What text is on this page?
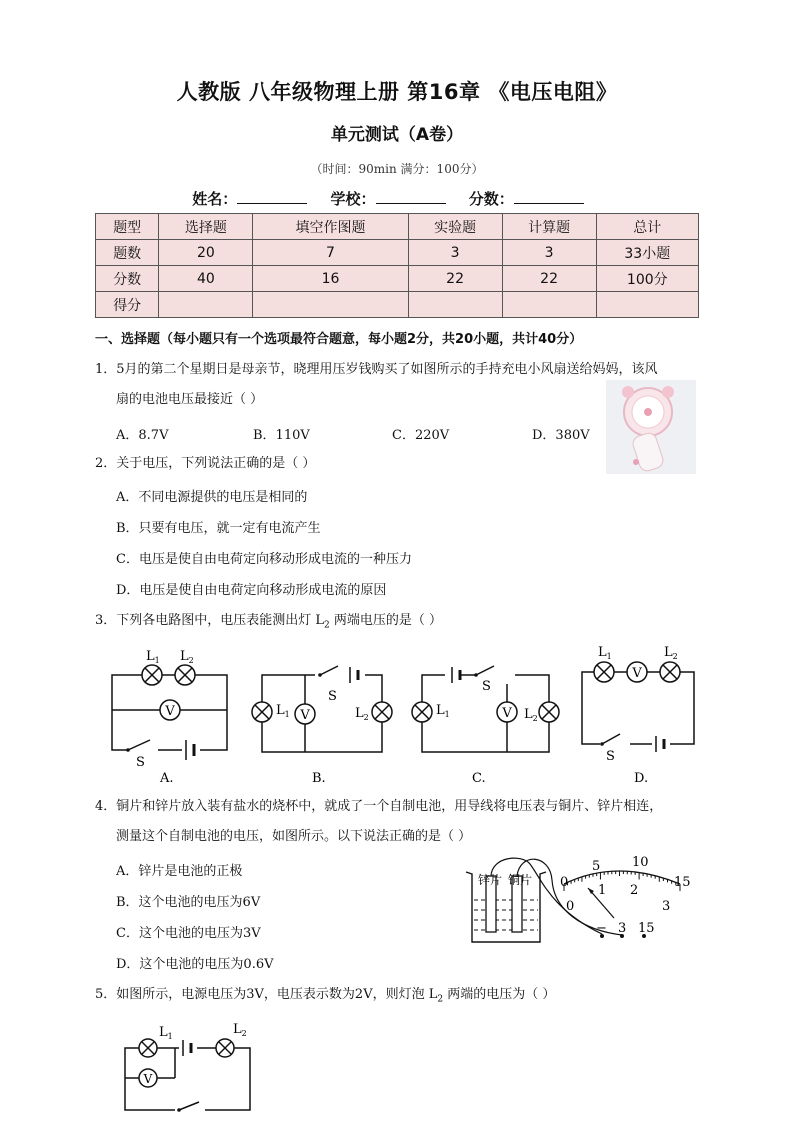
人教版 八年级物理上册 第16章 《电压电阻》
单元测试（A卷）
（时间：90min 满分：100分）
姓名：	学校：	分数：
题型	选择题	填空作图题	实验题	计算题	总计
题数	20	7	3	3	33小题
分数	40	16	22	22	100分
得分					
一、选择题（每小题只有一个选项最符合题意，每小题2分，共20小题，共计40分）
1．5月的第二个星期日是母亲节，晓理用压岁钱购买了如图所示的手持充电小风扇送给妈妈，该风
扇的电池电压最接近（ ）
A．8.7V	B．110V	C．220V	D．380V
2．关于电压，下列说法正确的是（ ）
A．不同电源提供的电压是相同的
B．只要有电压，就一定有电流产生
C．电压是使自由电荷定向移动形成电流的一种压力
D．电压是使自由电荷定向移动形成电流的原因
3．下列各电路图中，电压表能测出灯 $L_2$ 两端电压的是（ ）
V
$L_1$ $L_2$
S
$L_1$	$L_2$
S
$L_1$	$L_2$
S
$L_1$	$L_2$
S
A.	B.	C.	D.
4．铜片和锌片放入装有盐水的烧杯中，就成了一个自制电池，用导线将电压表与铜片、锌片相连，
测量这个自制电池的电压，如图所示。以下说法正确的是（ ）
A．锌片是电池的正极
B．这个电池的电压为6V
C．这个电池的电压为3V
D．这个电池的电压为0.6V
锌片 铜片 0
5 10
15
0
1 2
3
− 3 15
5．如图所示，电源电压为3V，电压表示数为2V，则灯泡 $L_2$ 两端的电压为（ ）
V
$L_1$	$L_2$
